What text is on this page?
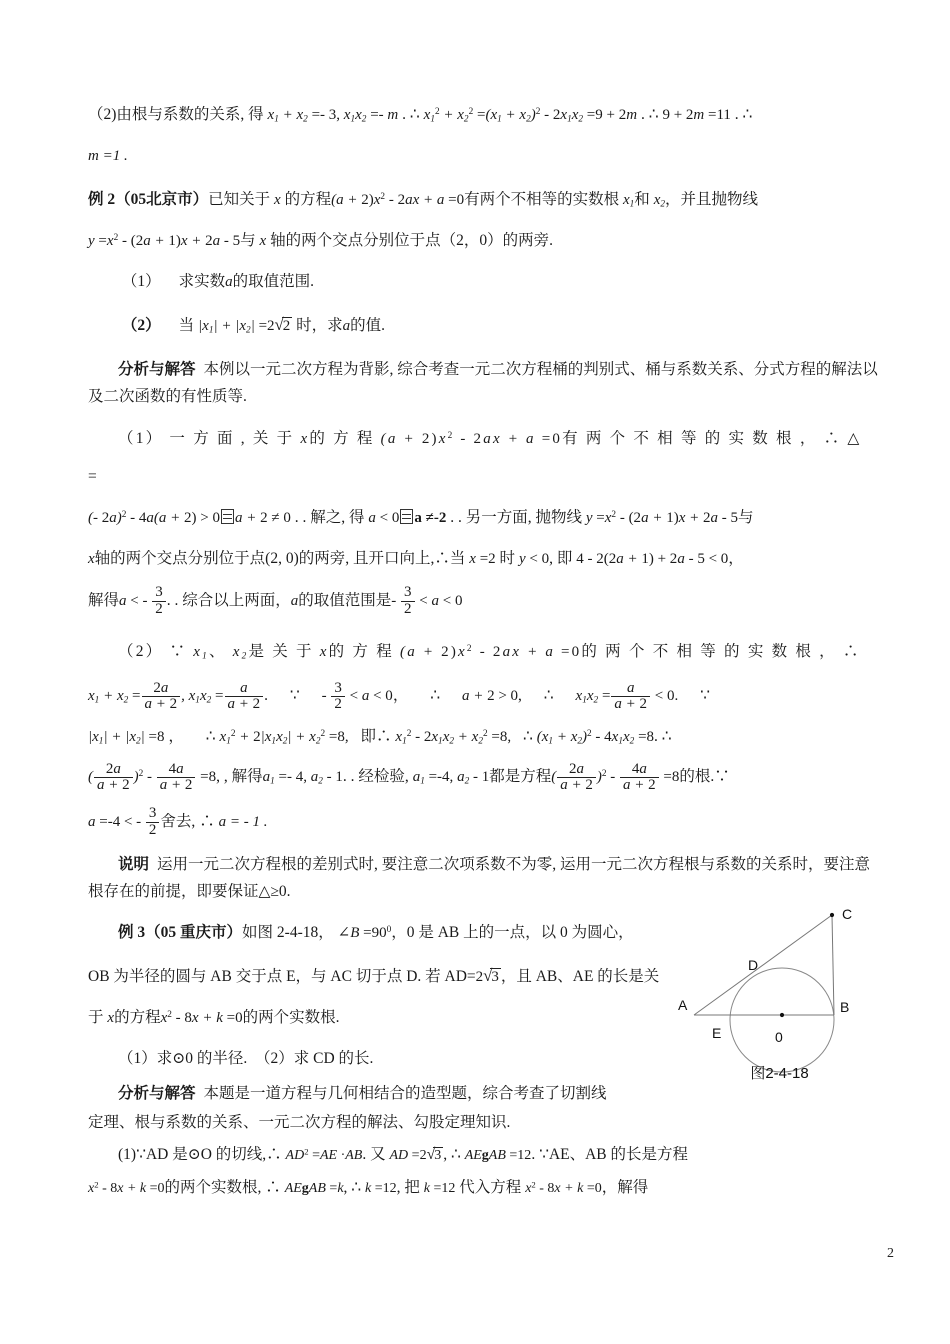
（2)由根与系数的关系, 得 $x_1 + x_2 =- 3$, $x_1x_2 =- m$ . ∴ $x_1^2 + x_2^2 =(x_1 + x_2)^2 - 2x_1x_2 =9 + 2m$ . ∴ 9 + 2m =11 . ∴
m =1 .
例 2（05北京市）已知关于 x 的方程$(a + 2)x^2 - 2ax + a =0$有两个不相等的实数根 $x_1$和 $x_2$，并且抛物线
$y =x^2 - (2a + 1)x + 2a - 5$与 x 轴的两个交点分别位于点（2，0）的两旁.
（1） 求实数a的取值范围.
（2） 当 $|x_1| + |x_2| =2√2$ 时，求a的值.
分析与解答 本例以一元二次方程为背影, 综合考查一元二次方程桶的判别式、桶与系数关系、分式方程的解法以及二次函数的有性质等.
（1） 一 方 面 , 关 于 x的 方 程 $(a + 2)x^2 - 2ax + a =0$有 两 个 不 相 等 的 实 数 根 ， ∴ △ =
(- 2a)$^2$ - 4a(a + 2) > 0 a + 2 ≠ 0 . . 解之, 得 a < 0 a ≠-2 . . 另一方面, 抛物线 $y =x^2 - (2a + 1)x + 2a - 5$与
x轴的两个交点分别位于点(2, 0)的两旁, 且开口向上,∴当 x =2 时 y < 0, 即 4 - 2(2a + 1) + 2a - 5 < 0，
解得a < - $\frac{3}{2}$ . . 综合以上两面，a的取值范围是- $\frac{3}{2} < a < 0$
（2） ∵ $x_1$、 $x_2$是 关 于 x的 方 程 $(a + 2)x^2 - 2ax + a =0$的 两 个 不 相 等 的 实 数 根 ， ∴
$x_1 + x_2 = \frac{2a}{a + 2}$ , $x_1x_2 = \frac{a}{a + 2}$ . ∵ - $\frac{3}{2} < a < 0$， ∴ a + 2 > 0, ∴ $x_1x_2 = \frac{a}{a + 2} < 0$. ∵
$|x_1| + |x_2| =8$ ， ∴ $x_1^2 + 2|x_1x_2| + x_2^2 =8$, 即∴ $x_1^2 - 2x_1x_2 + x_2^2 =8$, ∴ $(x_1 + x_2)^2 - 4x_1x_2 =8$. ∴
( $\frac{2a}{a + 2} )^2 - \frac{4a}{a + 2} =8$, , 解得$a_1 =- 4$, $a_2 - 1$. . 经检验, $a_1 =-4$, $a_2 - 1$都是方程( $\frac{2a}{a + 2} )^2 - \frac{4a}{a + 2} =8$的根.∵
a =-4 < - $\frac{3}{2}$ 舍去, ∴ a = - 1 .
说明 运用一元二次方程根的差别式时, 要注意二次项系数不为零, 运用一元二次方程根与系数的关系时，要注意根存在的前提，即要保证△≥0.
例 3（05 重庆市）如图 2-4-18， ∠B $=90^0$，0 是 AB 上的一点，以 0 为圆心，
OB 为半径的圆与 AB 交于点 E，与 AC 切于点 D. 若 AD=2√3 ，且 AB、AE 的长是关
于 x的方程$x^2 - 8x + k =0$的两个实数根.
（1）求⊙0 的半径.　（2）求 CD 的长.
分析与解答 本题是一道方程与几何相结合的造型题，综合考查了切割线
定理、根与系数的关系、一元二次方程的解法、勾股定理知识.
(1)∵AD 是⊙O 的切线,∴ $AD^2 =AE \cdot AB$. 又 AD =2√3 , ∴ AEgAB =12. ∵AE、AB 的长是方程
$x^2 - 8x + k =0$的两个实数根, ∴ AEgAB =k, ∴ k =12, 把 k =12 代入方程 $x^2 - 8x + k =0$，解得
C
D
A	B
E	0
图2-4-18
2
